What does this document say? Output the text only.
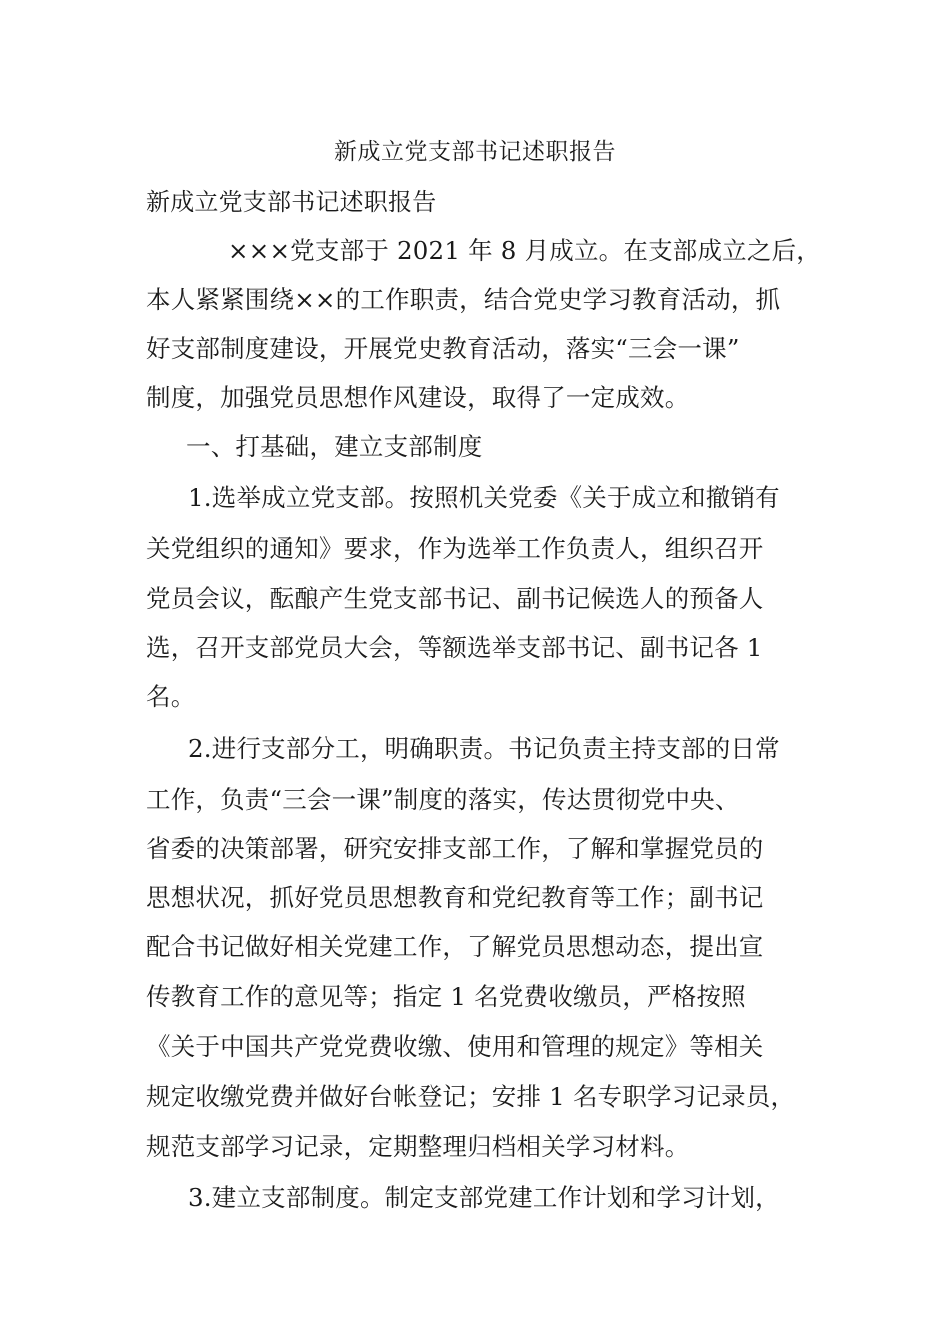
新成立党支部书记述职报告
新成立党支部书记述职报告
×××党支部于 2021 年 8 月成立。在支部成立之后，
本人紧紧围绕××的工作职责，结合党史学习教育活动，抓
好支部制度建设，开展党史教育活动，落实“三会一课”
制度，加强党员思想作风建设，取得了一定成效。
一、打基础，建立支部制度
1.选举成立党支部。按照机关党委《关于成立和撤销有
关党组织的通知》要求，作为选举工作负责人，组织召开
党员会议，酝酿产生党支部书记、副书记候选人的预备人
选，召开支部党员大会，等额选举支部书记、副书记各 1
名。
2.进行支部分工，明确职责。书记负责主持支部的日常
工作，负责“三会一课”制度的落实，传达贯彻党中央、
省委的决策部署，研究安排支部工作，了解和掌握党员的
思想状况，抓好党员思想教育和党纪教育等工作；副书记
配合书记做好相关党建工作，了解党员思想动态，提出宣
传教育工作的意见等；指定 1 名党费收缴员，严格按照
《关于中国共产党党费收缴、使用和管理的规定》等相关
规定收缴党费并做好台帐登记；安排 1 名专职学习记录员，
规范支部学习记录，定期整理归档相关学习材料。
3.建立支部制度。制定支部党建工作计划和学习计划，
